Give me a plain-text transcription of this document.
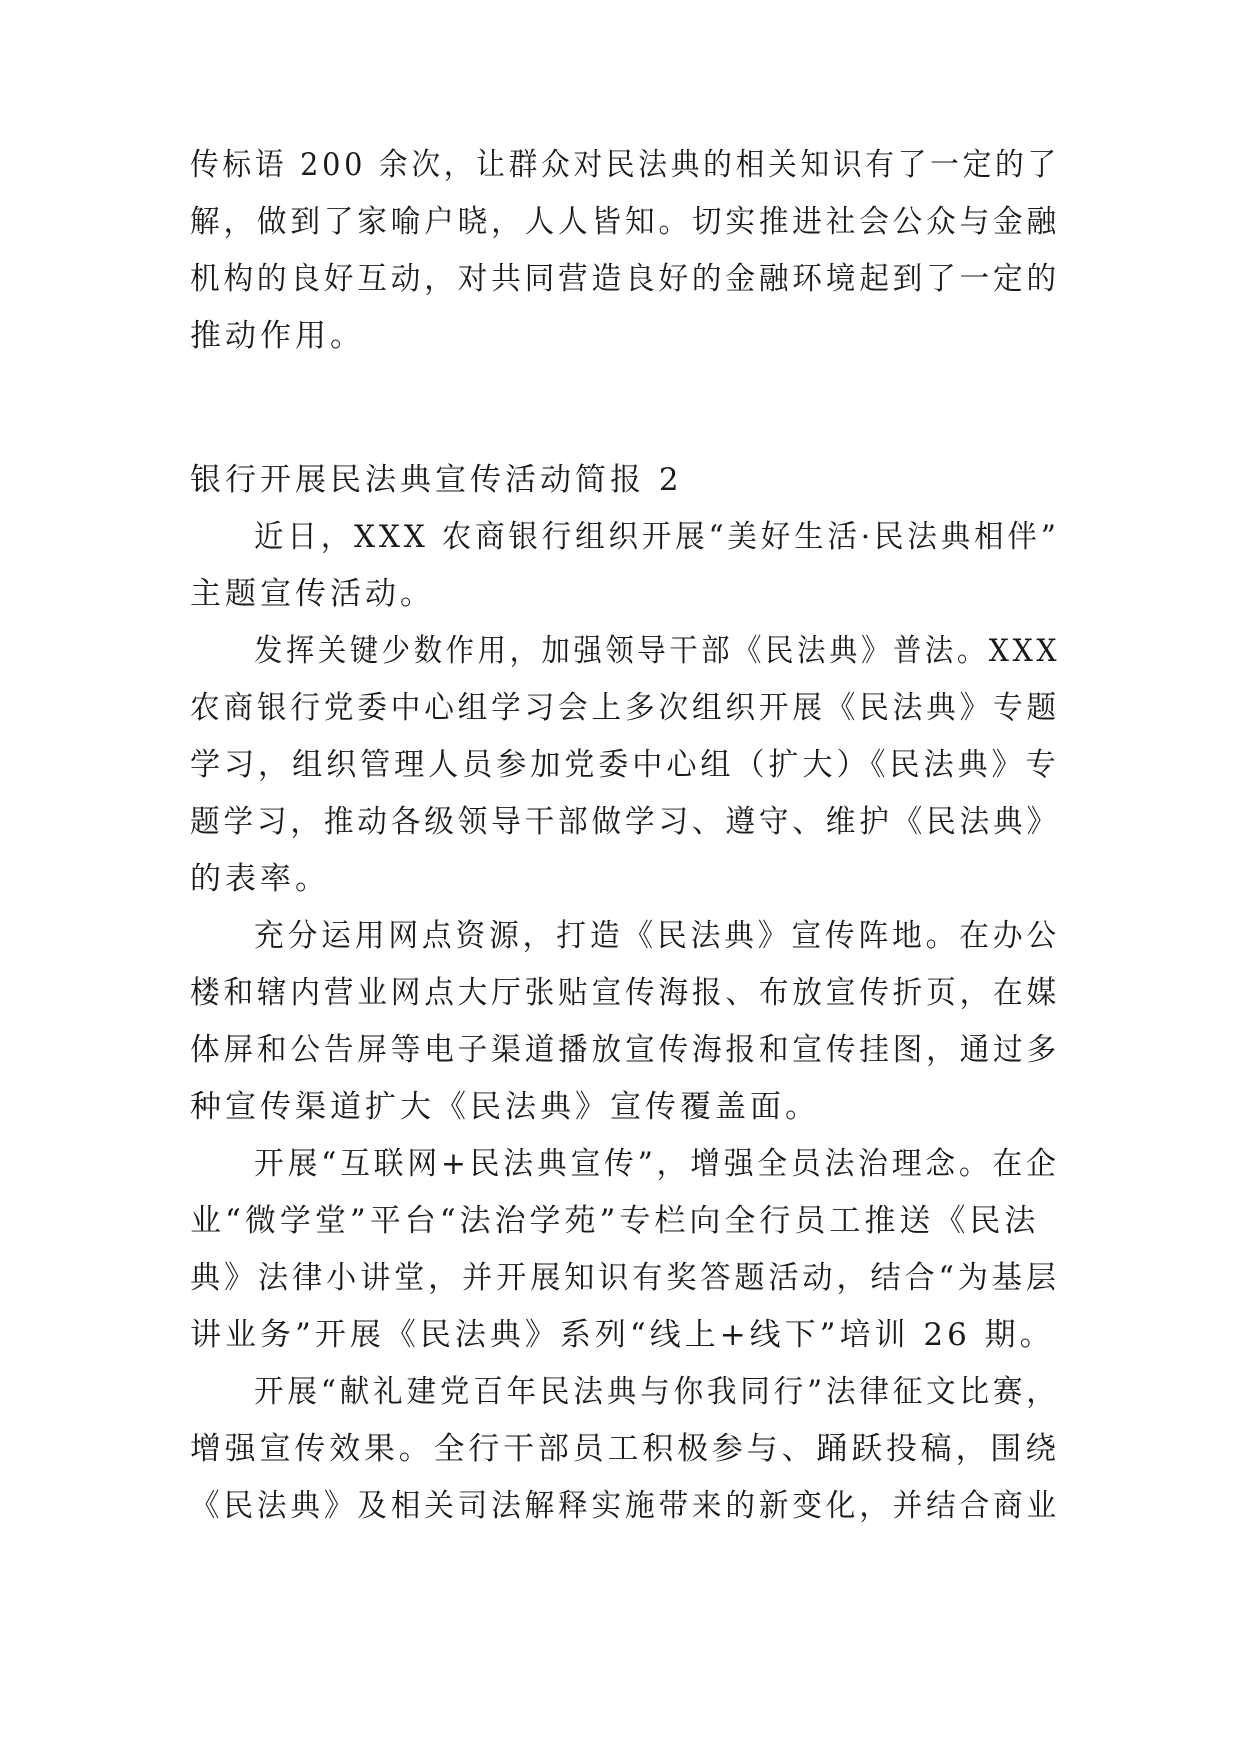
传标语 200 余次，让群众对民法典的相关知识有了一定的了
解，做到了家喻户晓，人人皆知。切实推进社会公众与金融
机构的良好互动，对共同营造良好的金融环境起到了一定的
推动作用。
银行开展民法典宣传活动简报 2
近日，XXX 农商银行组织开展“美好生活·民法典相伴”
主题宣传活动。
发挥关键少数作用，加强领导干部《民法典》普法。XXX
农商银行党委中心组学习会上多次组织开展《民法典》专题
学习，组织管理人员参加党委中心组（扩大）《民法典》专
题学习，推动各级领导干部做学习、遵守、维护《民法典》
的表率。
充分运用网点资源，打造《民法典》宣传阵地。在办公
楼和辖内营业网点大厅张贴宣传海报、布放宣传折页，在媒
体屏和公告屏等电子渠道播放宣传海报和宣传挂图，通过多
种宣传渠道扩大《民法典》宣传覆盖面。
开展“互联网+民法典宣传”，增强全员法治理念。在企
业“微学堂”平台“法治学苑”专栏向全行员工推送《民法
典》法律小讲堂，并开展知识有奖答题活动，结合“为基层
讲业务”开展《民法典》系列“线上+线下”培训 26 期。
开展“献礼建党百年民法典与你我同行”法律征文比赛，
增强宣传效果。全行干部员工积极参与、踊跃投稿，围绕
《民法典》及相关司法解释实施带来的新变化，并结合商业
